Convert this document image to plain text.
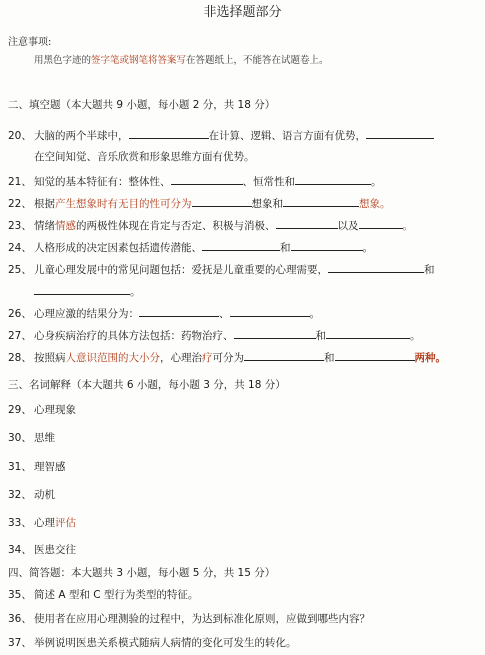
非选择题部分
注意事项:
用黑色字迹的签字笔或钢笔将答案写在答题纸上，不能答在试题卷上。
二、填空题（本大题共 9 小题，每小题 2 分，共 18 分）
20、 大脑的两个半球中，	在计算、逻辑、语言方面有优势，
在空间知觉、音乐欣赏和形象思维方面有优势。
21、 知觉的基本特征有：整体性、	、恒常性和	。
22、 根据产生想象时有无目的性可分为	想象和	想象。
23、 情绪情感的两极性体现在肯定与否定、积极与消极、	以及	。
24、 人格形成的决定因素包括遗传潜能、	和	。
25、 儿童心理发展中的常见问题包括：爱抚是儿童重要的心理需要，	和
。
26、 心理应激的结果分为：	、	。
27、 心身疾病治疗的具体方法包括：药物治疗、	和	。
28、 按照病人意识范围的大小分，心理治疗可分为	和	两种。
三、名词解释（本大题共 6 小题，每小题 3 分，共 18 分）
29、 心理现象
30、 思维
31、 理智感
32、 动机
33、 心理评估
34、 医患交往
四、简答题：本大题共 3 小题，每小题 5 分，共 15 分）
35、 简述 A 型和 C 型行为类型的特征。
36、 使用者在应用心理测验的过程中，为达到标准化原则，应做到哪些内容？
37、 举例说明医患关系模式随病人病情的变化可发生的转化。
